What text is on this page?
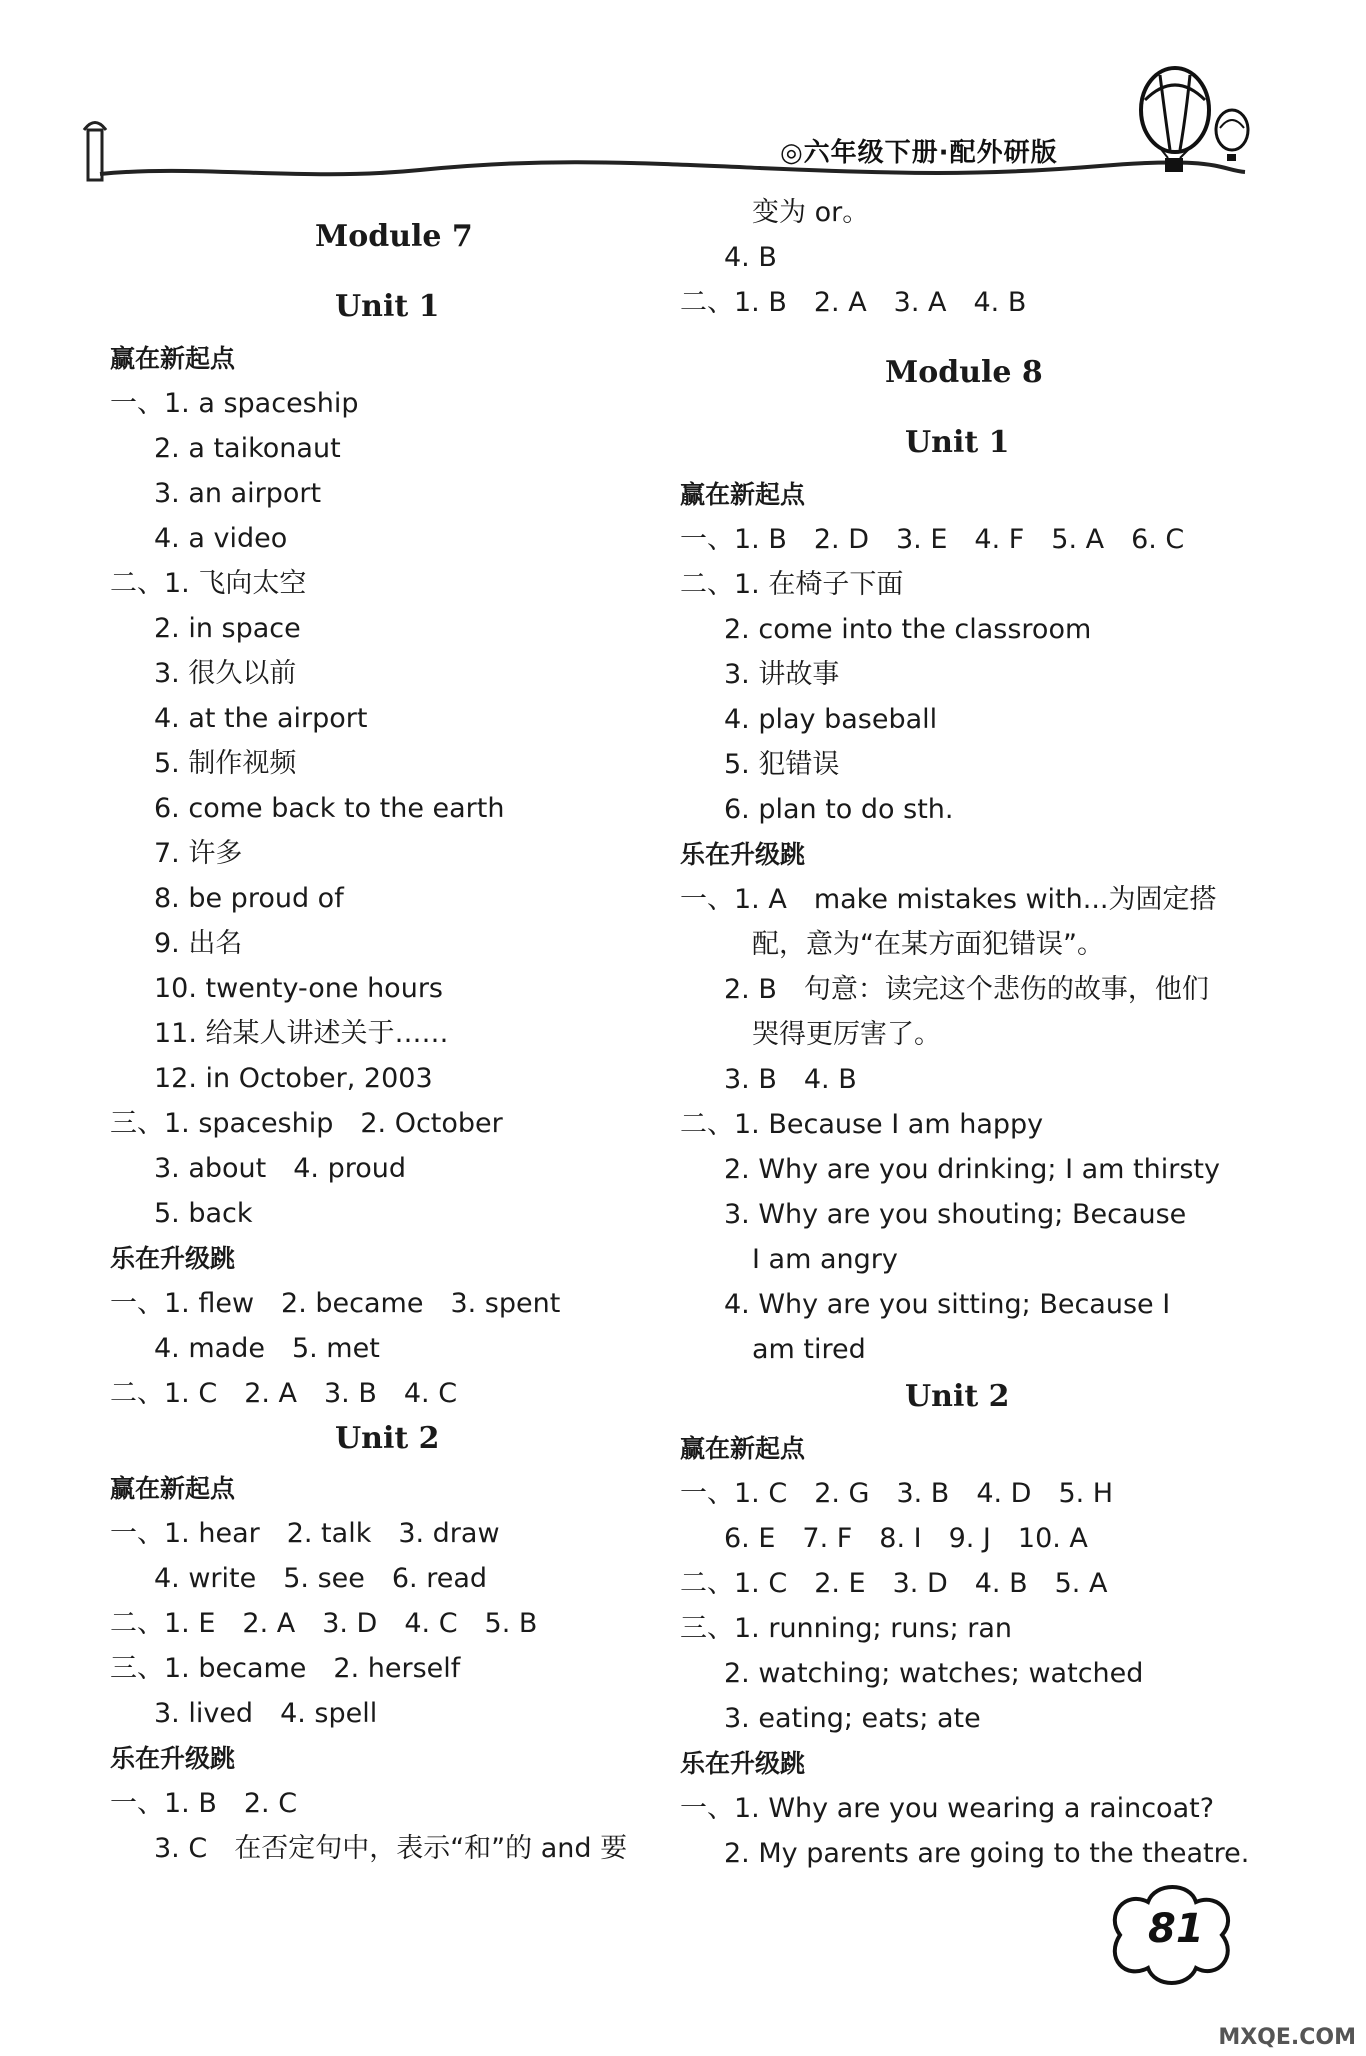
◎六年级下册·配外研版
Module 7
Unit 1
赢在新起点
一、1. a spaceship
2. a taikonaut
3. an airport
4. a video
二、1. 飞向太空
2. in space
3. 很久以前
4. at the airport
5. 制作视频
6. come back to the earth
7. 许多
8. be proud of
9. 出名
10. twenty-one hours
11. 给某人讲述关于……
12. in October, 2003
三、1. spaceship　2. October
3. about　4. proud
5. back
乐在升级跳
一、1. flew　2. became　3. spent
4. made　5. met
二、1. C　2. A　3. B　4. C
Unit 2
赢在新起点
一、1. hear　2. talk　3. draw
4. write　5. see　6. read
二、1. E　2. A　3. D　4. C　5. B
三、1. became　2. herself
3. lived　4. spell
乐在升级跳
一、1. B　2. C
3. C　在否定句中，表示“和”的 and 要
变为 or。
4. B
二、1. B　2. A　3. A　4. B
Module 8
Unit 1
赢在新起点
一、1. B　2. D　3. E　4. F　5. A　6. C
二、1. 在椅子下面
2. come into the classroom
3. 讲故事
4. play baseball
5. 犯错误
6. plan to do sth.
乐在升级跳
一、1. A　make mistakes with...为固定搭
配，意为“在某方面犯错误”。
2. B　句意：读完这个悲伤的故事，他们
哭得更厉害了。
3. B　4. B
二、1. Because I am happy
2. Why are you drinking; I am thirsty
3. Why are you shouting; Because
I am angry
4. Why are you sitting; Because I
am tired
Unit 2
赢在新起点
一、1. C　2. G　3. B　4. D　5. H
6. E　7. F　8. I　9. J　10. A
二、1. C　2. E　3. D　4. B　5. A
三、1. running; runs; ran
2. watching; watches; watched
3. eating; eats; ate
乐在升级跳
一、1. Why are you wearing a raincoat?
2. My parents are going to the theatre.
81
MXQE.COM
